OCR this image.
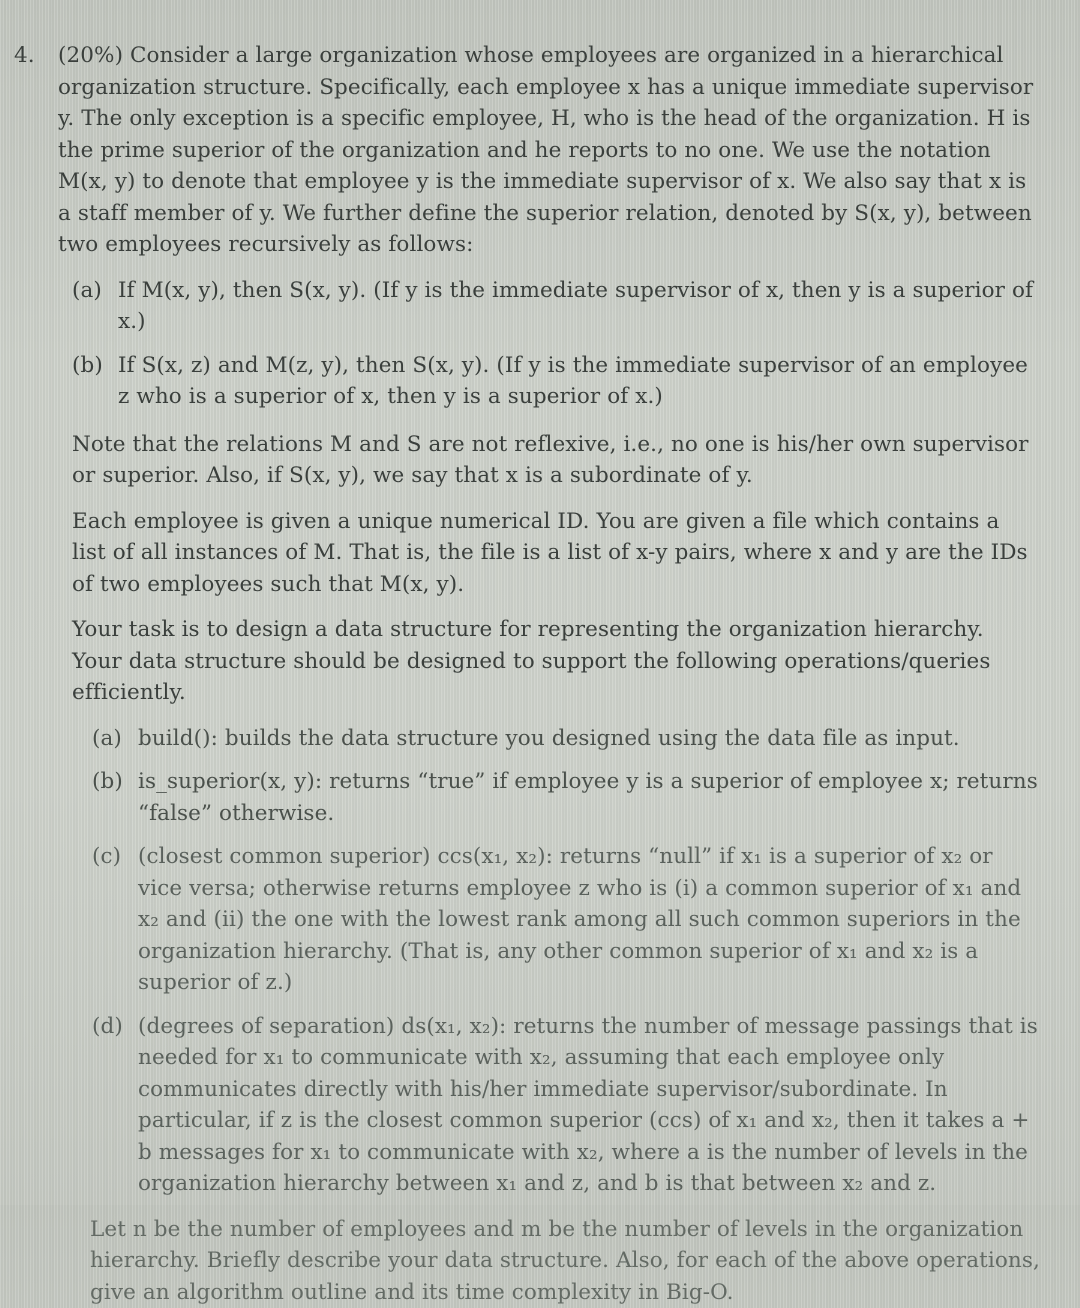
4.	(20%) Consider a large organization whose employees are organized in a hierarchical organization structure. Specifically, each employee x has a unique immediate supervisor y. The only exception is a specific employee, H, who is the head of the organization. H is the prime superior of the organization and he reports to no one. We use the notation M(x, y) to denote that employee y is the immediate supervisor of x. We also say that x is a staff member of y. We further define the superior relation, denoted by S(x, y), between two employees recursively as follows:
(a) If M(x, y), then S(x, y). (If y is the immediate supervisor of x, then y is a superior of x.)
(b) If S(x, z) and M(z, y), then S(x, y). (If y is the immediate supervisor of an employee z who is a superior of x, then y is a superior of x.)

Note that the relations M and S are not reflexive, i.e., no one is his/her own supervisor or superior. Also, if S(x, y), we say that x is a subordinate of y.

Each employee is given a unique numerical ID. You are given a file which contains a list of all instances of M. That is, the file is a list of x-y pairs, where x and y are the IDs of two employees such that M(x, y).

Your task is to design a data structure for representing the organization hierarchy. Your data structure should be designed to support the following operations/queries efficiently.

(a) build(): builds the data structure you designed using the data file as input.
(b) is_superior(x, y): returns “true” if employee y is a superior of employee x; returns “false” otherwise.
(c) (closest common superior) ccs(x₁, x₂): returns “null” if x₁ is a superior of x₂ or vice versa; otherwise returns employee z who is (i) a common superior of x₁ and x₂ and (ii) the one with the lowest rank among all such common superiors in the organization hierarchy. (That is, any other common superior of x₁ and x₂ is a superior of z.)
(d) (degrees of separation) ds(x₁, x₂): returns the number of message passings that is needed for x₁ to communicate with x₂, assuming that each employee only communicates directly with his/her immediate supervisor/subordinate. In particular, if z is the closest common superior (ccs) of x₁ and x₂, then it takes a + b messages for x₁ to communicate with x₂, where a is the number of levels in the organization hierarchy between x₁ and z, and b is that between x₂ and z.

Let n be the number of employees and m be the number of levels in the organization hierarchy. Briefly describe your data structure. Also, for each of the above operations, give an algorithm outline and its time complexity in Big-O.
